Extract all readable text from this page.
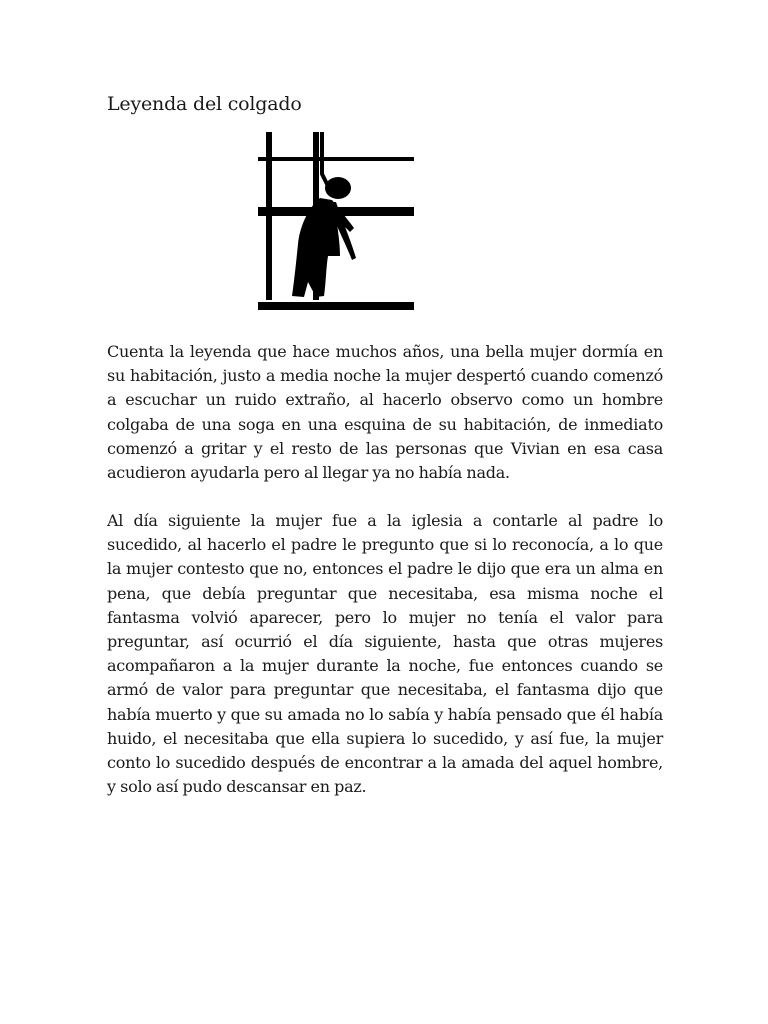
Leyenda del colgado

Cuenta la leyenda que hace muchos años, una bella mujer dormía en su habitación, justo a media noche la mujer despertó cuando comenzó a escuchar un ruido extraño, al hacerlo observo como un hombre colgaba de una soga en una esquina de su habitación, de inmediato comenzó a gritar y el resto de las personas que Vivian en esa casa acudieron ayudarla pero al llegar ya no había nada.

Al día siguiente la mujer fue a la iglesia a contarle al padre lo sucedido, al hacerlo el padre le pregunto que si lo reconocía, a lo que la mujer contesto que no, entonces el padre le dijo que era un alma en pena, que debía preguntar que necesitaba, esa misma noche el fantasma volvió aparecer, pero lo mujer no tenía el valor para preguntar, así ocurrió el día siguiente, hasta que otras mujeres acompañaron a la mujer durante la noche, fue entonces cuando se armó de valor para preguntar que necesitaba, el fantasma dijo que había muerto y que su amada no lo sabía y había pensado que él había huido, el necesitaba que ella supiera lo sucedido, y así fue, la mujer conto lo sucedido después de encontrar a la amada del aquel hombre, y solo así pudo descansar en paz.
